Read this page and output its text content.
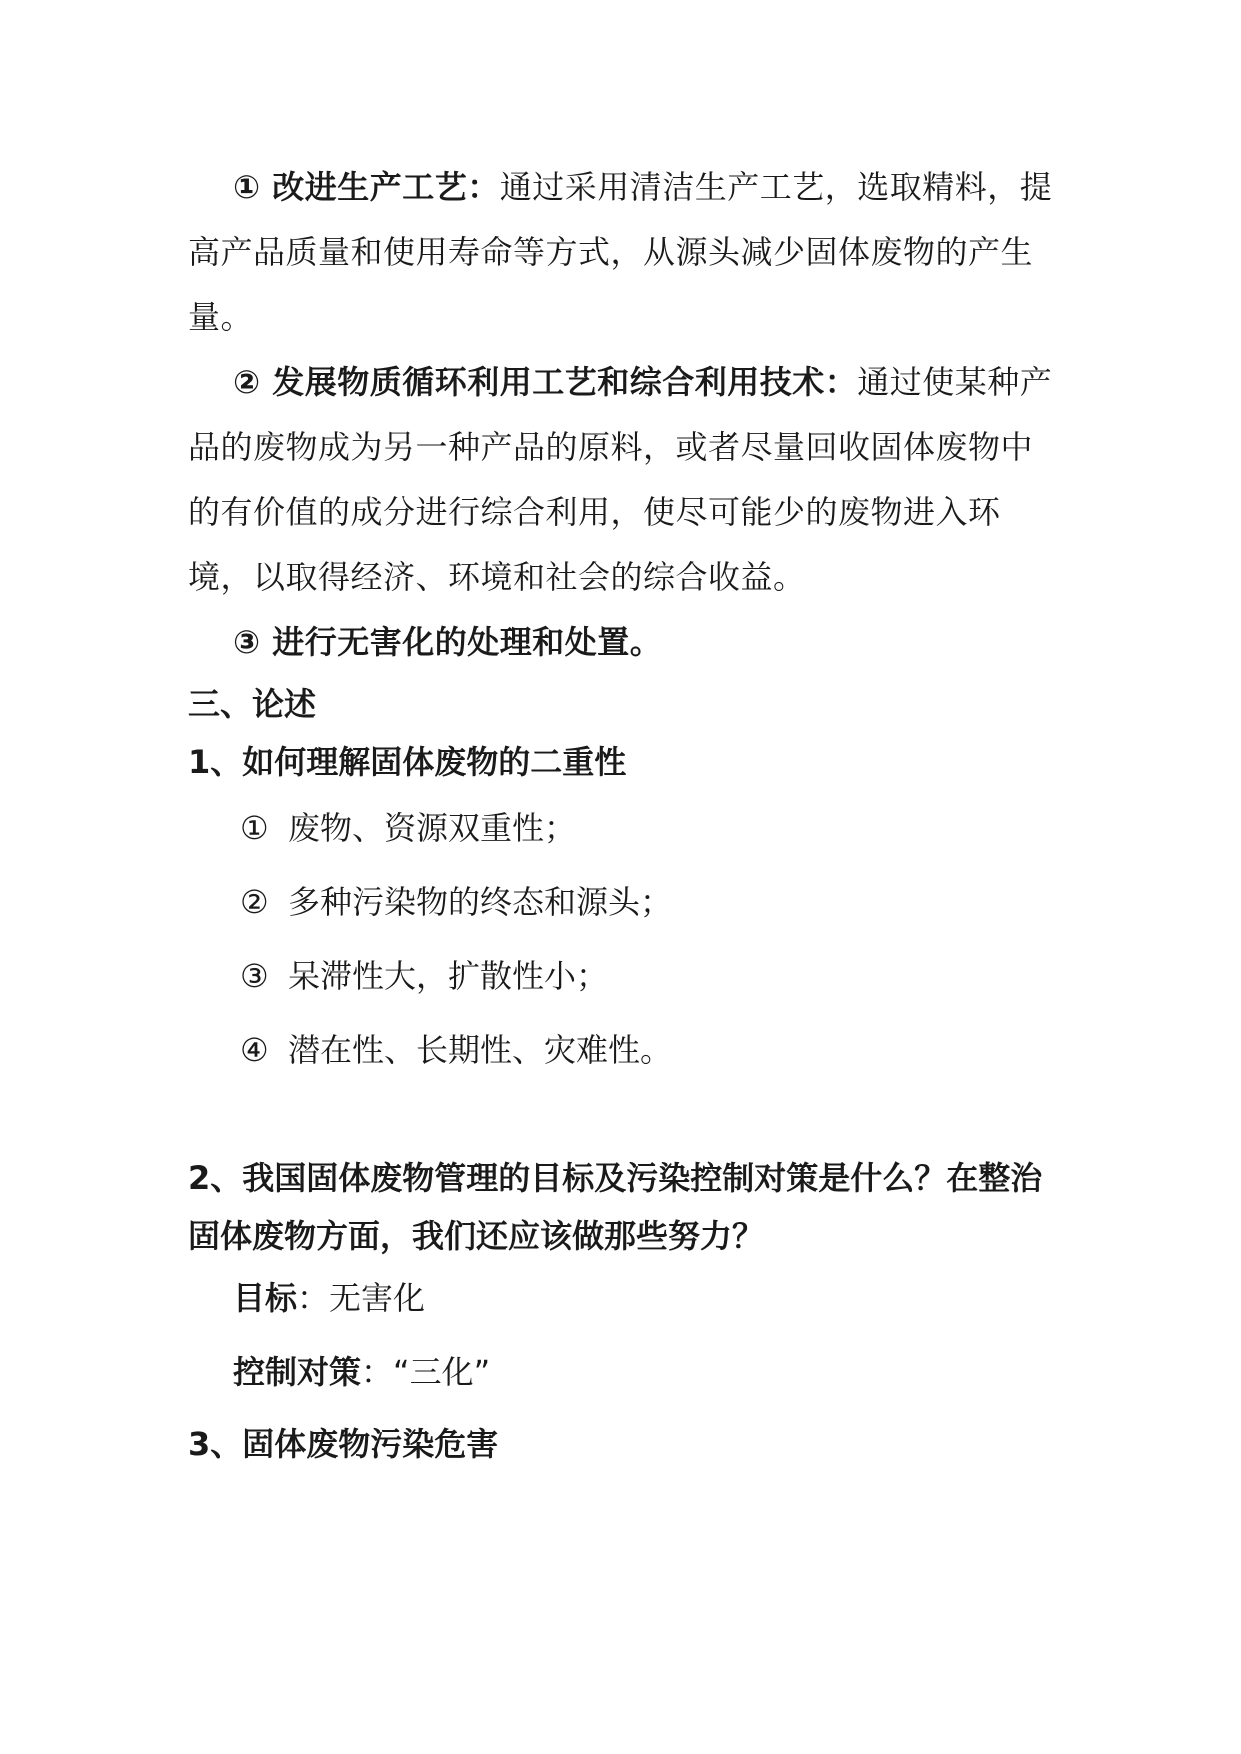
① 改进生产工艺：通过采用清洁生产工艺，选取精料，提高产品质量和使用寿命等方式，从源头减少固体废物的产生量。

② 发展物质循环利用工艺和综合利用技术：通过使某种产品的废物成为另一种产品的原料，或者尽量回收固体废物中的有价值的成分进行综合利用，使尽可能少的废物进入环境，以取得经济、环境和社会的综合收益。

③ 进行无害化的处理和处置。

三、论述

1、如何理解固体废物的二重性

① 废物、资源双重性；
② 多种污染物的终态和源头；
③ 呆滞性大，扩散性小；
④ 潜在性、长期性、灾难性。

2、我国固体废物管理的目标及污染控制对策是什么？在整治固体废物方面，我们还应该做那些努力？

目标：无害化

控制对策：“三化”

3、固体废物污染危害
